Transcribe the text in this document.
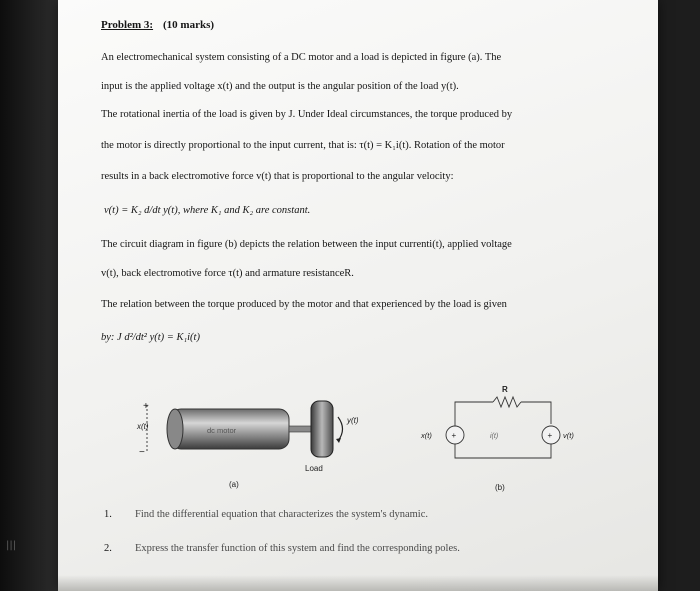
|||
Problem 3: (10 marks)
An electromechanical system consisting of a DC motor and a load is depicted in figure (a). The
input is the applied voltage x(t) and the output is the angular position of the load y(t).
The rotational inertia of the load is given by J. Under Ideal circumstances, the torque produced by
the motor is directly proportional to the input current, that is: τ(t) = K₁i(t). Rotation of the motor
results in a back electromotive force v(t) that is proportional to the angular velocity:
v(t) = K₂ d/dt y(t), where K₁ and K₂ are constant.
The circuit diagram in figure (b) depicts the relation between the input currenti(t), applied voltage
v(t), back electromotive force τ(t) and armature resistanceR.
The relation between the torque produced by the motor and that experienced by the load is given
by: J d²/dt² y(t) = K₁i(t)
+
x(t)
−
dc motor
y(t)
Load
(a)
+	+
R
x(t)	i(t)	v(t)
(b)
1. Find the differential equation that characterizes the system's dynamic.
2. Express the transfer function of this system and find the corresponding poles.
